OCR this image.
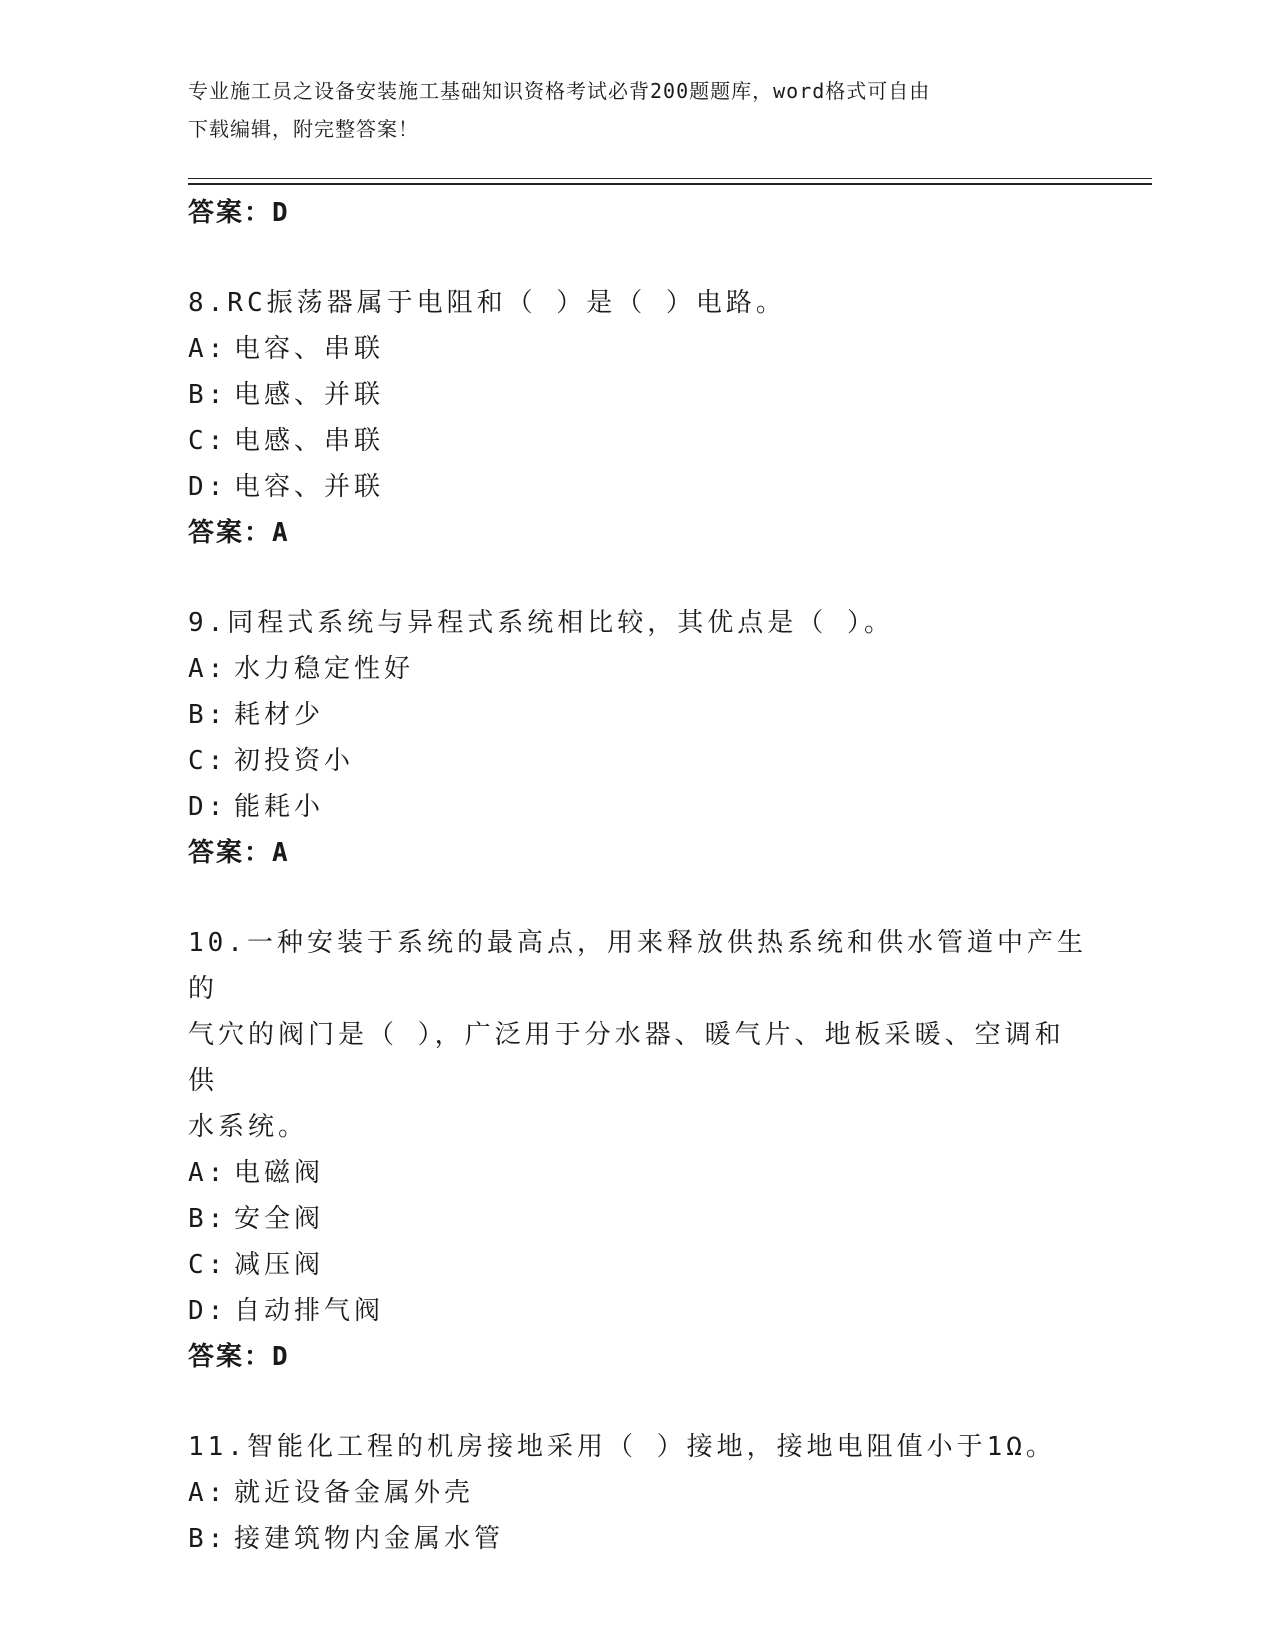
专业施工员之设备安装施工基础知识资格考试必背200题题库，word格式可自由
下载编辑，附完整答案！

答案：D

8.RC振荡器属于电阻和（ ）是（ ）电路。

A: 电容、串联

B: 电感、并联

C: 电感、串联

D: 电容、并联

答案：A

9.同程式系统与异程式系统相比较，其优点是（ ）。

A: 水力稳定性好

B: 耗材少

C: 初投资小

D: 能耗小

答案：A

10.一种安装于系统的最高点，用来释放供热系统和供水管道中产生的

气穴的阀门是（ ），广泛用于分水器、暖气片、地板采暖、空调和供

水系统。

A: 电磁阀

B: 安全阀

C: 减压阀

D: 自动排气阀

答案：D

11.智能化工程的机房接地采用（ ）接地，接地电阻值小于1Ω。

A: 就近设备金属外壳

B: 接建筑物内金属水管
